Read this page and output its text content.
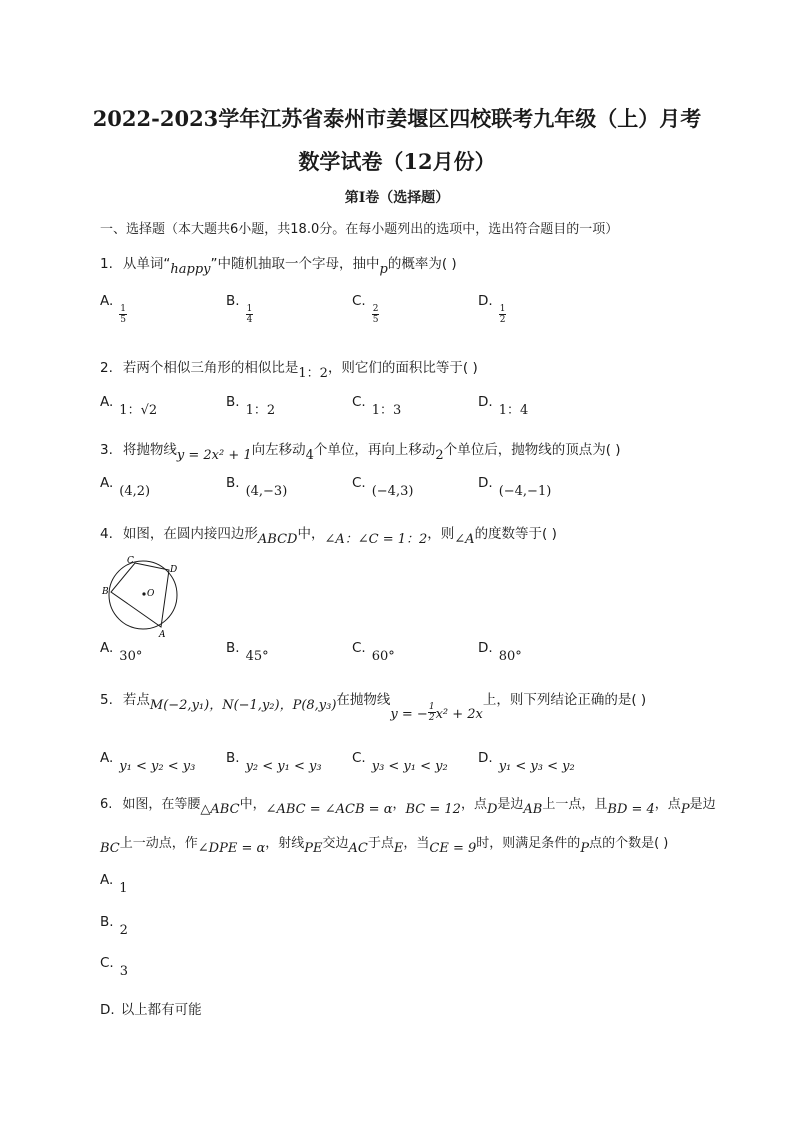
2022-2023学年江苏省泰州市姜堰区四校联考九年级（上）月考
数学试卷（12月份）
第I卷（选择题）
一、选择题（本大题共6小题，共18.0分。在每小题列出的选项中，选出符合题目的一项）
1. 从单词“happy”中随机抽取一个字母，抽中p的概率为( )
A.
$\frac{1}{5}$
B.
$\frac{1}{4}$
C.
$\frac{2}{5}$
D.
$\frac{1}{2}$
2. 若两个相似三角形的相似比是1：2，则它们的面积比等于( )
A.1：√2
B.1：2
C.1：3
D.1：4
3. 将抛物线y = 2x² + 1向左移动4个单位，再向上移动2个单位后，抛物线的顶点为( )
A.(4,2)
B.(4,−3)
C.(−4,3)
D.(−4,−1)
4. 如图，在圆内接四边形ABCD中，∠A：∠C = 1：2，则∠A的度数等于( )
C
D
B
A
O
A.30°
B.45°
C.60°
D.80°
5. 若点M(−2,y₁)，N(−1,y₂)，P(8,y₃)在抛物线y = − $\frac{1}{2} x^2 + 2x$上，则下列结论正确的是( )
A.y₁ < y₂ < y₃
B.y₂ < y₁ < y₃
C.y₃ < y₁ < y₂
D.y₁ < y₃ < y₂
6. 如图，在等腰△ABC中，∠ABC = ∠ACB = α，BC = 12，点D是边AB上一点，且BD = 4，点P是边
BC上一动点，作∠DPE = α，射线PE交边AC于点E，当CE = 9时，则满足条件的P点的个数是( )
A.1
B.2
C.3
D. 以上都有可能
